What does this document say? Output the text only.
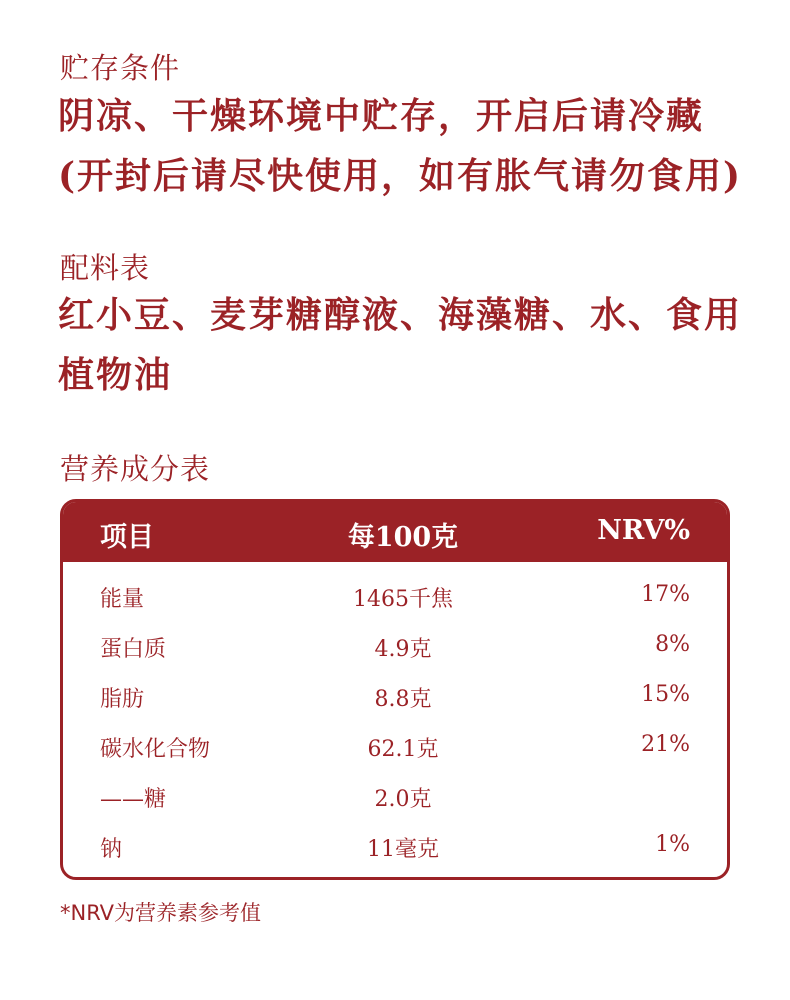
贮存条件
阴凉、干燥环境中贮存，开启后请冷藏
(开封后请尽快使用，如有胀气请勿食用)
配料表
红小豆、麦芽糖醇液、海藻糖、水、食用
植物油
营养成分表
项目	每100克	NRV%
能量	1465千焦	17%
蛋白质	4.9克	8%
脂肪	8.8克	15%
碳水化合物	62.1克	21%
——糖	2.0克
钠	11毫克	1%
*NRV为营养素参考值
